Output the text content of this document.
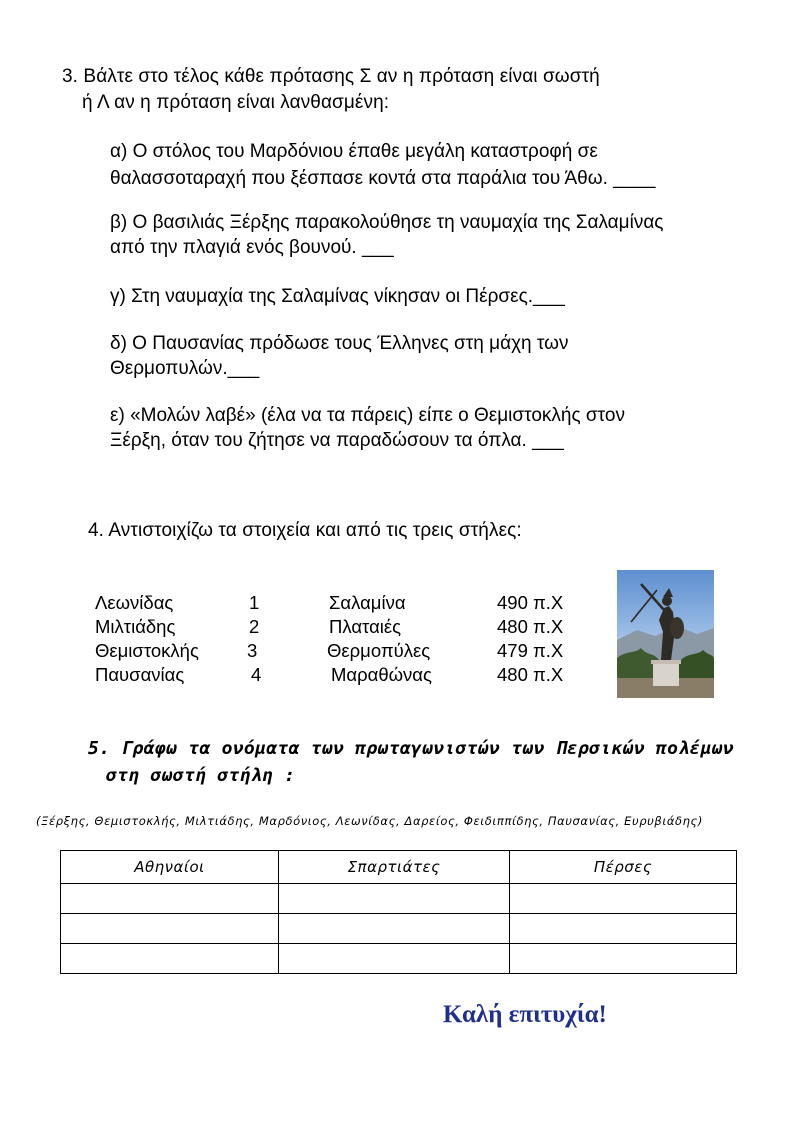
3. Βάλτε στο τέλος κάθε πρότασης Σ αν η πρόταση είναι σωστή
ή Λ αν η πρόταση είναι λανθασμένη:
α) Ο στόλος του Μαρδόνιου έπαθε μεγάλη καταστροφή σε
θαλασσοταραχή που ξέσπασε κοντά στα παράλια του Άθω. ____
β) Ο βασιλιάς Ξέρξης παρακολούθησε τη ναυμαχία της Σαλαμίνας
από την πλαγιά ενός βουνού. ___
γ) Στη ναυμαχία της Σαλαμίνας νίκησαν οι Πέρσες.___
δ) Ο Παυσανίας πρόδωσε τους Έλληνες στη μάχη των
Θερμοπυλών.___
ε) «Μολών λαβέ» (έλα να τα πάρεις) είπε ο Θεμιστοκλής στον
Ξέρξη, όταν του ζήτησε να παραδώσουν τα όπλα. ___
4. Αντιστοιχίζω τα στοιχεία και από τις τρεις στήλες:
Λεωνίδας	1	Σαλαμίνα	490 π.Χ
Μιλτιάδης	2	Πλαταιές	480 π.Χ
Θεμιστοκλής	3	Θερμοπύλες	479 π.Χ
Παυσανίας	4	Μαραθώνας	480 π.Χ
5. Γράφω τα ονόματα των πρωταγωνιστών των Περσικών πολέμων
στη σωστή στήλη :
(Ξέρξης, Θεμιστοκλής, Μιλτιάδης, Μαρδόνιος, Λεωνίδας, Δαρείος, Φειδιππίδης, Παυσανίας, Ευρυβιάδης)
Αθηναίοι	Σπαρτιάτες	Πέρσες

Καλή επιτυχία!
